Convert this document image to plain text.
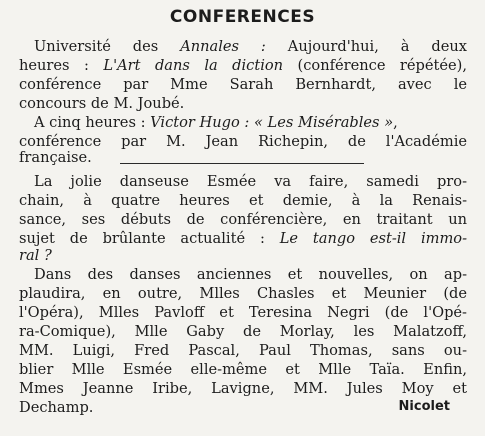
CONFERENCES
Université des Annales : Aujourd'hui, à deux
heures : L'Art dans la diction (conférence répétée),
conférence par Mme Sarah Bernhardt, avec le
concours de M. Joubé.
A cinq heures : Victor Hugo : « Les Misérables »,
conférence par M. Jean Richepin, de l'Académie
française.
La jolie danseuse Esmée va faire, samedi pro-
chain, à quatre heures et demie, à la Renais-
sance, ses débuts de conférencière, en traitant un
sujet de brûlante actualité : Le tango est-il immo-
ral ?
Dans des danses anciennes et nouvelles, on ap-
plaudira, en outre, Mlles Chasles et Meunier (de
l'Opéra), Mlles Pavloff et Teresina Negri (de l'Opé-
ra-Comique), Mlle Gaby de Morlay, les Malatzoff,
MM. Luigi, Fred Pascal, Paul Thomas, sans ou-
blier Mlle Esmée elle-même et Mlle Taïa. Enfin,
Mmes Jeanne Iribe, Lavigne, MM. Jules Moy et
Dechamp.	Nicolet
